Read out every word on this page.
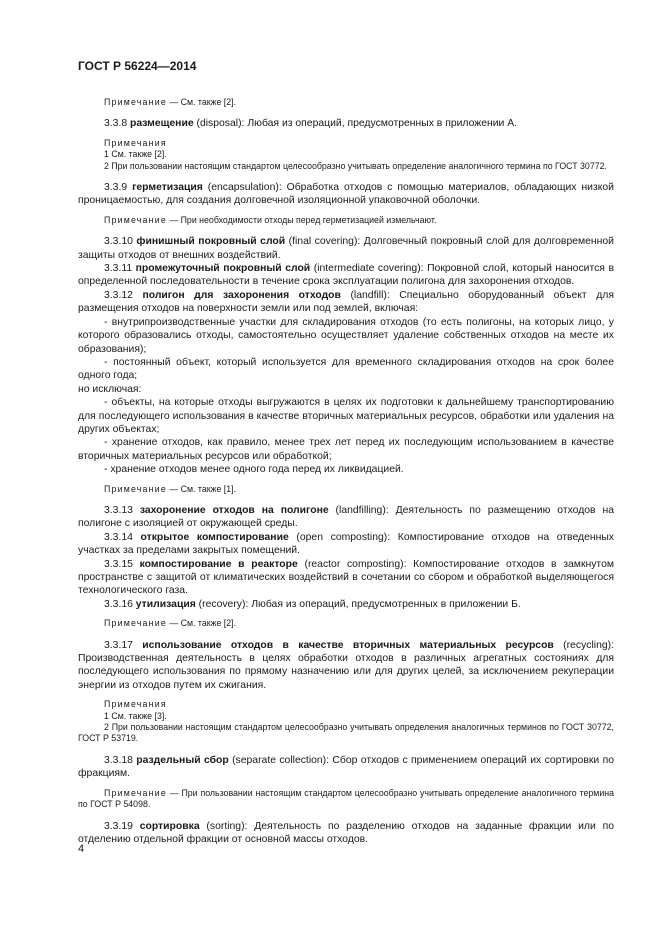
ГОСТ Р 56224—2014

Примечание — См. также [2].

3.3.8 размещение (disposal): Любая из операций, предусмотренных в приложении А.

Примечания

1 См. также [2].

2 При пользовании настоящим стандартом целесообразно учитывать определение аналогичного термина по ГОСТ 30772.

3.3.9 герметизация (encapsulation): Обработка отходов с помощью материалов, обладающих низкой проницаемостью, для создания долговечной изоляционной упаковочной оболочки.

Примечание — При необходимости отходы перед герметизацией измельчают.

3.3.10 финишный покровный слой (final covering): Долговечный покровный слой для долговременной защиты отходов от внешних воздействий.

3.3.11 промежуточный покровный слой (intermediate covering): Покровной слой, который наносится в определенной последовательности в течение срока эксплуатации полигона для захоронения отходов.

3.3.12 полигон для захоронения отходов (landfill): Специально оборудованный объект для размещения отходов на поверхности земли или под землей, включая:

- внутрипроизводственные участки для складирования отходов (то есть полигоны, на которых лицо, у которого образовались отходы, самостоятельно осуществляет удаление собственных отходов на месте их образования);

- постоянный объект, который используется для временного складирования отходов на срок более одного года;

но исключая:

- объекты, на которые отходы выгружаются в целях их подготовки к дальнейшему транспортированию для последующего использования в качестве вторичных материальных ресурсов, обработки или удаления на других объектах;

- хранение отходов, как правило, менее трех лет перед их последующим использованием в качестве вторичных материальных ресурсов или обработкой;

- хранение отходов менее одного года перед их ликвидацией.

Примечание — См. также [1].

3.3.13 захоронение отходов на полигоне (landfilling): Деятельность по размещению отходов на полигоне с изоляцией от окружающей среды.

3.3.14 открытое компостирование (open composting): Компостирование отходов на отведенных участках за пределами закрытых помещений.

3.3.15 компостирование в реакторе (reactor composting): Компостирование отходов в замкнутом пространстве с защитой от климатических воздействий в сочетании со сбором и обработкой выделяющегося технологического газа.

3.3.16 утилизация (recovery): Любая из операций, предусмотренных в приложении Б.

Примечание — См. также [2].

3.3.17 использование отходов в качестве вторичных материальных ресурсов (recycling): Производственная деятельность в целях обработки отходов в различных агрегатных состояниях для последующего использования по прямому назначению или для других целей, за исключением рекуперации энергии из отходов путем их сжигания.

Примечания

1 См. также [3].

2 При пользовании настоящим стандартом целесообразно учитывать определения аналогичных терминов по ГОСТ 30772, ГОСТ Р 53719.

3.3.18 раздельный сбор (separate collection): Сбор отходов с применением операций их сортировки по фракциям.

Примечание — При пользовании настоящим стандартом целесообразно учитывать определение аналогичного термина по ГОСТ Р 54098.

3.3.19 сортировка (sorting): Деятельность по разделению отходов на заданные фракции или по отделению отдельной фракции от основной массы отходов.

4
